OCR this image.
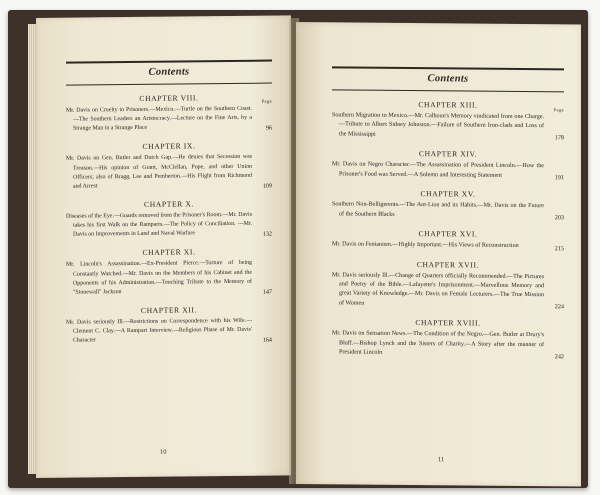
Contents
CHAPTER VIII.	Page
Mr. Davis on Cruelty to Prisoners.—Mexico.—Turtle on the Southern Coast.—The Southern Leaders an Aristocracy.—Lecture on the Fine Arts, by a Strange Man in a Strange Place	96
CHAPTER IX.
Mr. Davis on Gen. Butler and Dutch Gap.—He denies that Secession was Treason.—His opinion of Grant, McClellan, Pope, and other Union Officers; also of Bragg, Lee and Pemberton.—His Flight from Richmond and Arrest	109
CHAPTER X.
Diseases of the Eye.—Guards removed from the Prisoner's Room.—Mr. Davis takes his first Walk on the Ramparts.—The Policy of Conciliation. —Mr. Davis on Improvements in Land and Naval Warfare	132
CHAPTER XI.
Mr. Lincoln's Assassination.—Ex-President Pierce.—Torture of being Constantly Watched.—Mr. Davis on the Members of his Cabinet and the Opponents of his Administration.—Touching Tribute to the Memory of "Stonewall" Jackson	147
CHAPTER XII.
Mr. Davis seriously Ill.—Restrictions on Correspondence with his Wife.—Clement C. Clay.—A Rampart Interview.—Religious Phase of Mr. Davis' Character	164
10
Contents
CHAPTER XIII.
Page
Southern Migration to Mexico.—Mr. Calhoun's Memory vindicated from one Charge.—Tribute to Albert Sidney Johnston.—Failure of Southern Iron-clads and Loss of the Mississippi
178
CHAPTER XIV.
Mr. Davis on Negro Character.—The Assassination of President Lincoln.—How the Prisoner's Food was Served.—A Solemn and Interesting Statement	191
CHAPTER XV.
Southern Non-Belligerents.—The Ant-Lion and its Habits.—Mr. Davis on the Future of the Southern Blacks
203
CHAPTER XVI.
Mr. Davis on Fenianism.—Highly Important.—His Views of Reconstruction	215
CHAPTER XVII.
Mr. Davis seriously Ill.—Change of Quarters officially Recommended.—The Pictures and Poetry of the Bible.—Lafayette's Imprisonment.—Marvellous Memory and great Variety of Knowledge.—Mr. Davis on Female Lecturers.—The True Mission of Women
224
CHAPTER XVIII.
Mr. Davis on Sensation News.—The Condition of the Negro.—Gen. Butler at Drury's Bluff.—Bishop Lynch and the Sisters of Charity.—A Story after the manner of President Lincoln
242
11
